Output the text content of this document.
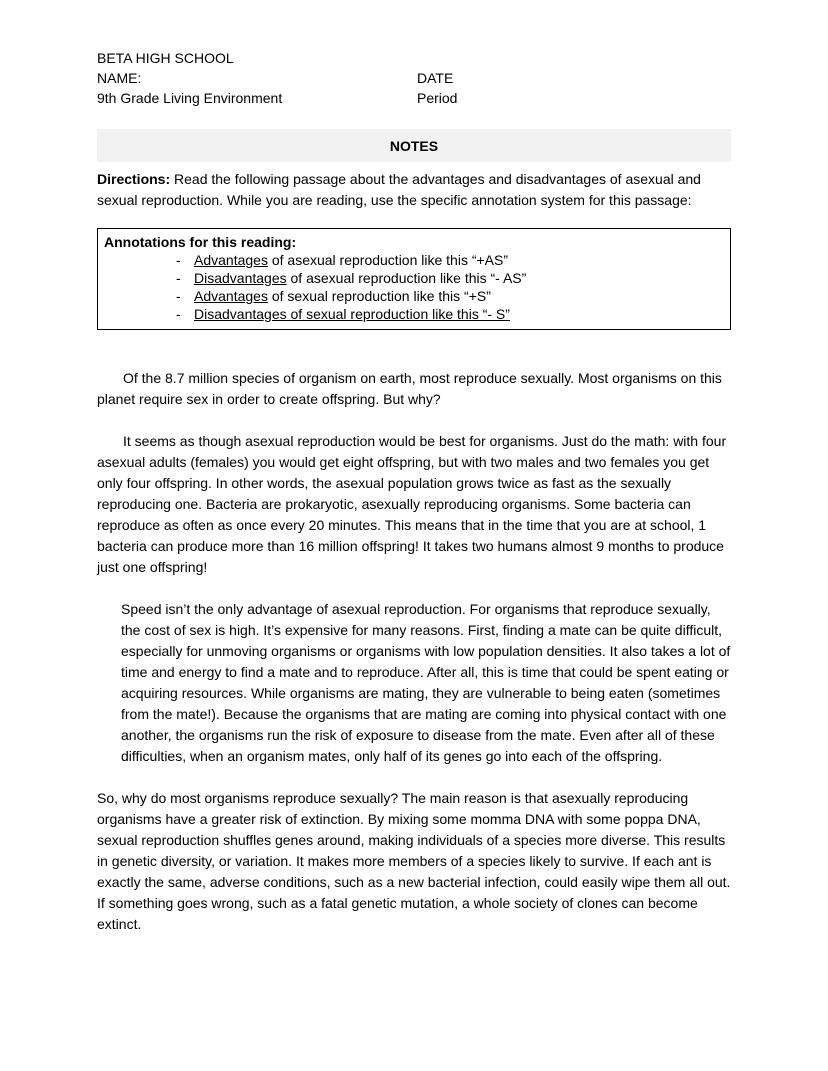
BETA HIGH SCHOOL
NAME:	DATE
9th Grade Living Environment	Period
NOTES
Directions: Read the following passage about the advantages and disadvantages of asexual and sexual reproduction. While you are reading, use the specific annotation system for this passage:
Annotations for this reading:
- Advantages of asexual reproduction like this “+AS”
- Disadvantages of asexual reproduction like this “- AS”
- Advantages of sexual reproduction like this “+S”
- Disadvantages of sexual reproduction like this “- S”

Of the 8.7 million species of organism on earth, most reproduce sexually. Most organisms on this planet require sex in order to create offspring. But why?

It seems as though asexual reproduction would be best for organisms. Just do the math: with four asexual adults (females) you would get eight offspring, but with two males and two females you get only four offspring. In other words, the asexual population grows twice as fast as the sexually reproducing one. Bacteria are prokaryotic, asexually reproducing organisms. Some bacteria can reproduce as often as once every 20 minutes. This means that in the time that you are at school, 1 bacteria can produce more than 16 million offspring! It takes two humans almost 9 months to produce just one offspring!

Speed isn’t the only advantage of asexual reproduction. For organisms that reproduce sexually, the cost of sex is high. It’s expensive for many reasons. First, finding a mate can be quite difficult, especially for unmoving organisms or organisms with low population densities. It also takes a lot of time and energy to find a mate and to reproduce. After all, this is time that could be spent eating or acquiring resources. While organisms are mating, they are vulnerable to being eaten (sometimes from the mate!). Because the organisms that are mating are coming into physical contact with one another, the organisms run the risk of exposure to disease from the mate. Even after all of these difficulties, when an organism mates, only half of its genes go into each of the offspring.

So, why do most organisms reproduce sexually? The main reason is that asexually reproducing organisms have a greater risk of extinction. By mixing some momma DNA with some poppa DNA, sexual reproduction shuffles genes around, making individuals of a species more diverse. This results in genetic diversity, or variation. It makes more members of a species likely to survive. If each ant is exactly the same, adverse conditions, such as a new bacterial infection, could easily wipe them all out. If something goes wrong, such as a fatal genetic mutation, a whole society of clones can become extinct.
